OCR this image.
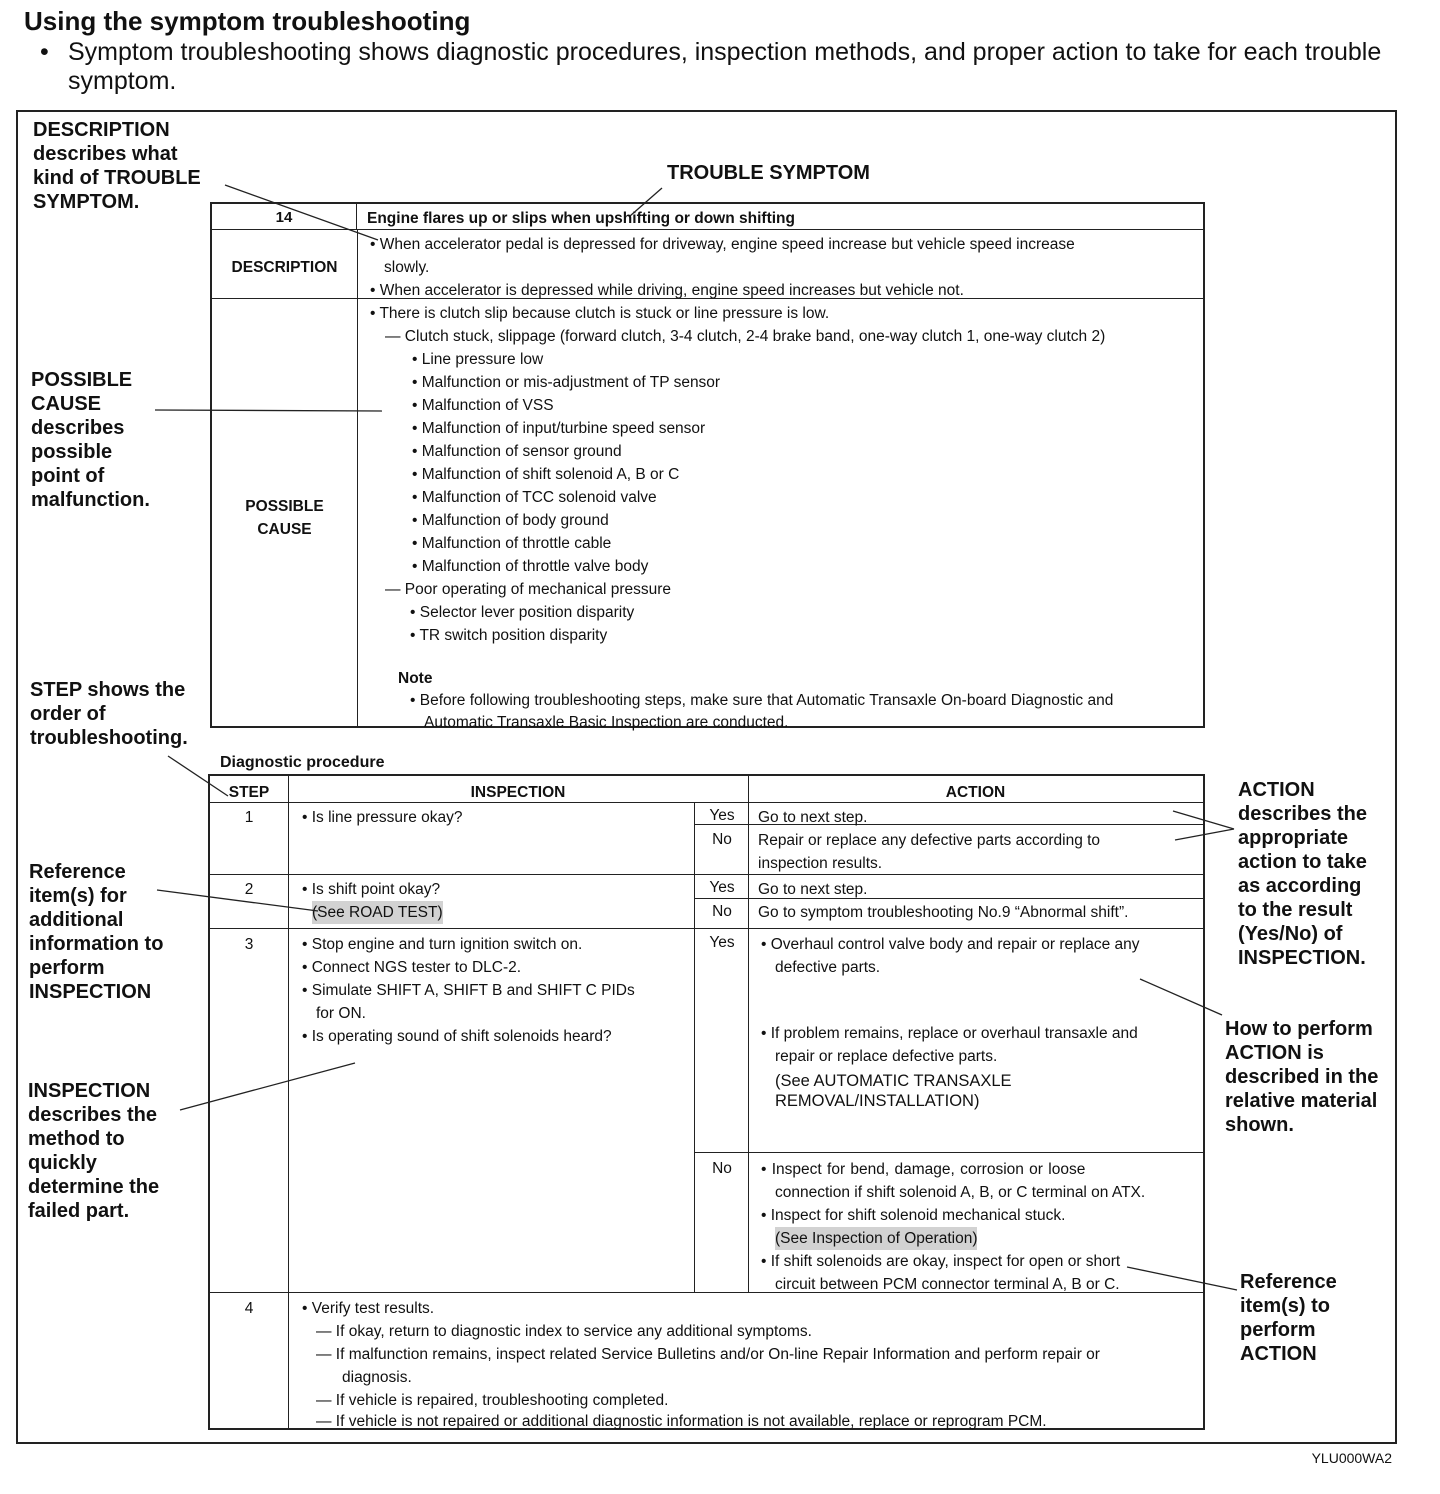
Using the symptom troubleshooting
• Symptom troubleshooting shows diagnostic procedures, inspection methods, and proper action to take for each trouble symptom.
DESCRIPTION
describes what
kind of TROUBLE
SYMPTOM.
TROUBLE SYMPTOM
POSSIBLE
CAUSE
describes
possible
point of
malfunction.
STEP shows the
order of
troubleshooting.
Reference
item(s) for
additional
information to
perform
INSPECTION
INSPECTION
describes the
method to
quickly
determine the
failed part.
ACTION
describes the
appropriate
action to take
as according
to the result
(Yes/No) of
INSPECTION.
How to perform
ACTION is
described in the
relative material
shown.
Reference
item(s) to
perform
ACTION
14	Engine flares up or slips when upshifting or down shifting
DESCRIPTION
• When accelerator pedal is depressed for driveway, engine speed increase but vehicle speed increase
slowly.
• When accelerator is depressed while driving, engine speed increases but vehicle not.
POSSIBLE
CAUSE
• There is clutch slip because clutch is stuck or line pressure is low.
— Clutch stuck, slippage (forward clutch, 3-4 clutch, 2-4 brake band, one-way clutch 1, one-way clutch 2)
• Line pressure low
• Malfunction or mis-adjustment of TP sensor
• Malfunction of VSS
• Malfunction of input/turbine speed sensor
• Malfunction of sensor ground
• Malfunction of shift solenoid A, B or C
• Malfunction of TCC solenoid valve
• Malfunction of body ground
• Malfunction of throttle cable
• Malfunction of throttle valve body
— Poor operating of mechanical pressure
• Selector lever position disparity
• TR switch position disparity
Note
• Before following troubleshooting steps, make sure that Automatic Transaxle On-board Diagnostic and
Automatic Transaxle Basic Inspection are conducted.
Diagnostic procedure
STEP	INSPECTION	ACTION
1	• Is line pressure okay?	Yes	Go to next step.
No	Repair or replace any defective parts according to
inspection results.
2	• Is shift point okay?
(See ROAD TEST)
Yes	Go to next step.
No	Go to symptom troubleshooting No.9 “Abnormal shift”.
3	• Stop engine and turn ignition switch on.
• Connect NGS tester to DLC-2.
• Simulate SHIFT A, SHIFT B and SHIFT C PIDs
for ON.
• Is operating sound of shift solenoids heard?
Yes	• Overhaul control valve body and repair or replace any
defective parts.
• If problem remains, replace or overhaul transaxle and
repair or replace defective parts.
(See AUTOMATIC TRANSAXLE
REMOVAL/INSTALLATION)
No	• Inspect for bend, damage, corrosion or loose
connection if shift solenoid A, B, or C terminal on ATX.
• Inspect for shift solenoid mechanical stuck.
(See Inspection of Operation)
• If shift solenoids are okay, inspect for open or short
circuit between PCM connector terminal A, B or C.
4	• Verify test results.
— If okay, return to diagnostic index to service any additional symptoms.
— If malfunction remains, inspect related Service Bulletins and/or On-line Repair Information and perform repair or
diagnosis.
— If vehicle is repaired, troubleshooting completed.
— If vehicle is not repaired or additional diagnostic information is not available, replace or reprogram PCM.
YLU000WA2
